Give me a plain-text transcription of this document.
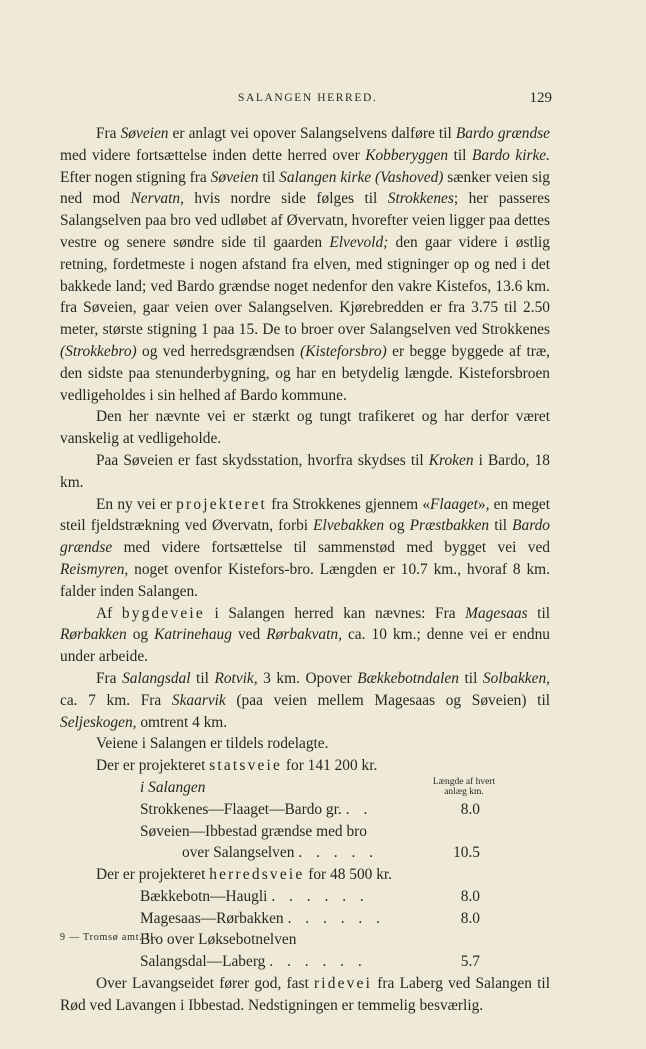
SALANGEN HERRED.	129

Fra Søveien er anlagt vei opover Salangselvens dalføre til Bardo grændse med videre fortsættelse inden dette herred over Kobberyggen til Bardo kirke. Efter nogen stigning fra Søveien til Salangen kirke (Vashoved) sænker veien sig ned mod Nervatn, hvis nordre side følges til Strokkenes; her passeres Salangselven paa bro ved udløbet af Øvervatn, hvorefter veien ligger paa dettes vestre og senere søndre side til gaarden Elvevold; den gaar videre i østlig retning, fordetmeste i nogen afstand fra elven, med stigninger op og ned i det bakkede land; ved Bardo grændse noget nedenfor den vakre Kistefos, 13.6 km. fra Søveien, gaar veien over Salangselven. Kjørebredden er fra 3.75 til 2.50 meter, største stigning 1 paa 15. De to broer over Salangselven ved Strokkenes (Strokkebro) og ved herredsgrændsen (Kisteforsbro) er begge byggede af træ, den sidste paa stenunderbygning, og har en betydelig længde. Kisteforsbroen vedligeholdes i sin helhed af Bardo kommune.

Den her nævnte vei er stærkt og tungt trafikeret og har derfor været vanskelig at vedligeholde.

Paa Søveien er fast skydsstation, hvorfra skydses til Kroken i Bardo, 18 km.

En ny vei er projekteret fra Strokkenes gjennem «Flaaget», en meget steil fjeldstrækning ved Øvervatn, forbi Elvebakken og Præstbakken til Bardo grændse med videre fortsættelse til sammenstød med bygget vei ved Reismyren, noget ovenfor Kistefors-bro. Længden er 10.7 km., hvoraf 8 km. falder inden Salangen.

Af bygdeveie i Salangen herred kan nævnes: Fra Magesaas til Rørbakken og Katrinehaug ved Rørbakvatn, ca. 10 km.; denne vei er endnu under arbeide.

Fra Salangsdal til Rotvik, 3 km. Opover Bækkebotndalen til Solbakken, ca. 7 km. Fra Skaarvik (paa veien mellem Magesaas og Søveien) til Seljeskogen, omtrent 4 km.

Veiene i Salangen er tildels rodelagte.

Der er projekteret statsveie for 141 200 kr.

i Salangen	Længde af hvert anlæg km.
Strokkenes—Flaaget—Bardo gr. . .	8.0
Søveien—Ibbestad grændse med bro
over Salangselven . . . . .	10.5

Der er projekteret herredsveie for 48 500 kr.

Bækkebotn—Haugli . . . . . .	8.0
Magesaas—Rørbakken . . . . . .	8.0
Bro over Løksebotnelven
Salangsdal—Laberg . . . . . .	5.7

Over Lavangseidet fører god, fast ridevei fra Laberg ved Salangen til Rød ved Lavangen i Ibbestad. Nedstigningen er temmelig besværlig.

9 — Tromsø amt. II.
